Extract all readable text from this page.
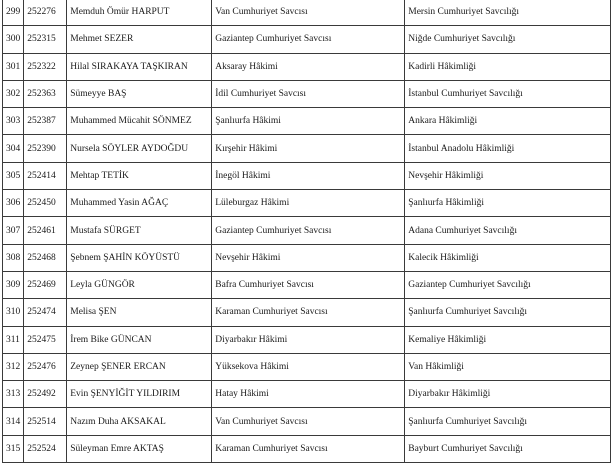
299	252276	Memduh Ömür HARPUT	Van Cumhuriyet Savcısı	Mersin Cumhuriyet Savcılığı
300	252315	Mehmet SEZER	Gaziantep Cumhuriyet Savcısı	Niğde Cumhuriyet Savcılığı
301	252322	Hilal SIRAKAYA TAŞKIRAN	Aksaray Hâkimi	Kadirli Hâkimliği
302	252363	Sümeyye BAŞ	İdil Cumhuriyet Savcısı	İstanbul Cumhuriyet Savcılığı
303	252387	Muhammed Mücahit SÖNMEZ	Şanlıurfa Hâkimi	Ankara Hâkimliği
304	252390	Nursela SÖYLER AYDOĞDU	Kırşehir Hâkimi	İstanbul Anadolu Hâkimliği
305	252414	Mehtap TETİK	İnegöl Hâkimi	Nevşehir Hâkimliği
306	252450	Muhammed Yasin AĞAÇ	Lüleburgaz Hâkimi	Şanlıurfa Hâkimliği
307	252461	Mustafa SÜRGET	Gaziantep Cumhuriyet Savcısı	Adana Cumhuriyet Savcılığı
308	252468	Şebnem ŞAHİN KÖYÜSTÜ	Nevşehir Hâkimi	Kalecik Hâkimliği
309	252469	Leyla GÜNGÖR	Bafra Cumhuriyet Savcısı	Gaziantep Cumhuriyet Savcılığı
310	252474	Melisa ŞEN	Karaman Cumhuriyet Savcısı	Şanlıurfa Cumhuriyet Savcılığı
311	252475	İrem Bike GÜNCAN	Diyarbakır Hâkimi	Kemaliye Hâkimliği
312	252476	Zeynep ŞENER ERCAN	Yüksekova Hâkimi	Van Hâkimliği
313	252492	Evin ŞENYİĞİT YILDIRIM	Hatay Hâkimi	Diyarbakır Hâkimliği
314	252514	Nazım Duha AKSAKAL	Van Cumhuriyet Savcısı	Şanlıurfa Cumhuriyet Savcılığı
315	252524	Süleyman Emre AKTAŞ	Karaman Cumhuriyet Savcısı	Bayburt Cumhuriyet Savcılığı
